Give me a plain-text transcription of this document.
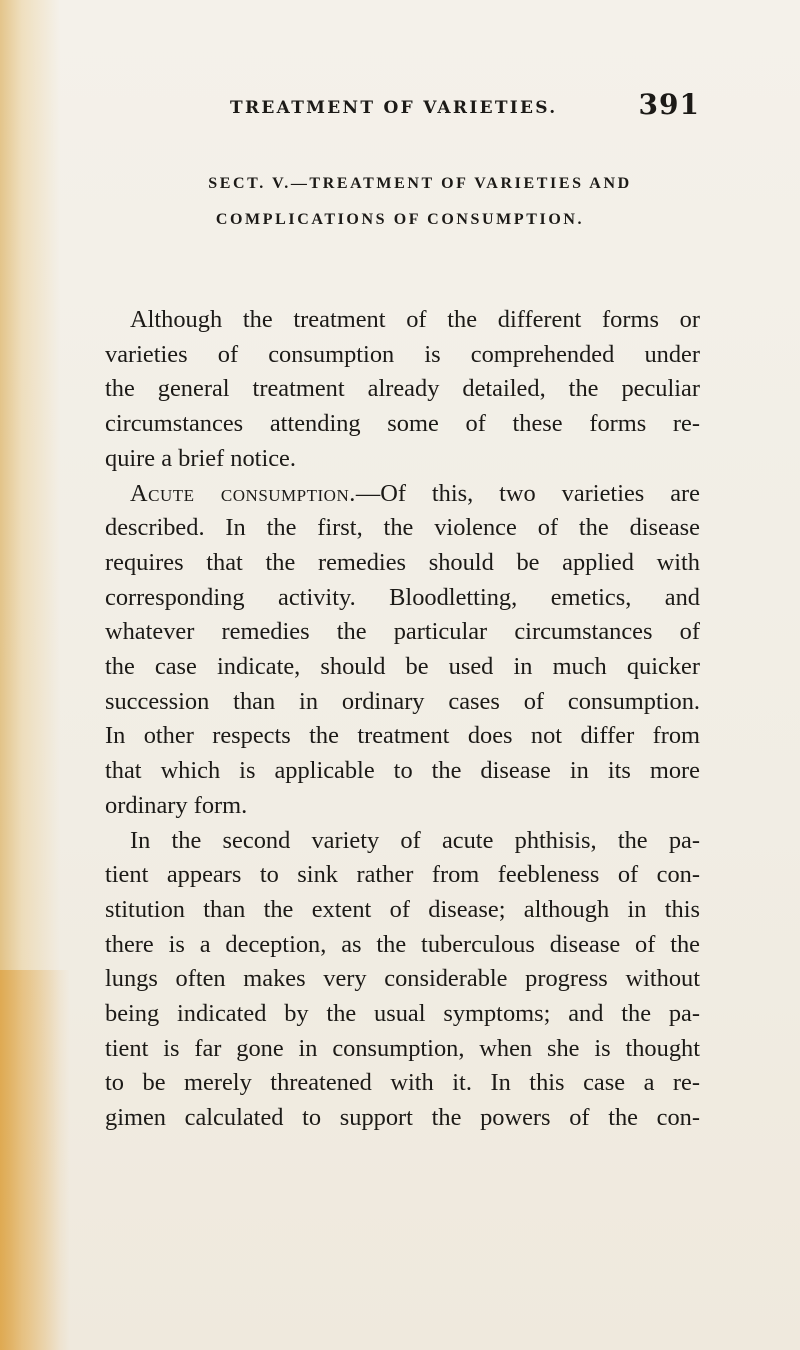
TREATMENT OF VARIETIES.	391
SECT. V.—TREATMENT OF VARIETIES AND
COMPLICATIONS OF CONSUMPTION.
Although the treatment of the different forms or
varieties of consumption is comprehended under
the general treatment already detailed, the peculiar
circumstances attending some of these forms re-
quire a brief notice.
Acute consumption.—Of this, two varieties are
described. In the first, the violence of the disease
requires that the remedies should be applied with
corresponding activity. Bloodletting, emetics, and
whatever remedies the particular circumstances of
the case indicate, should be used in much quicker
succession than in ordinary cases of consumption.
In other respects the treatment does not differ from
that which is applicable to the disease in its more
ordinary form.
In the second variety of acute phthisis, the pa-
tient appears to sink rather from feebleness of con-
stitution than the extent of disease; although in this
there is a deception, as the tuberculous disease of the
lungs often makes very considerable progress without
being indicated by the usual symptoms; and the pa-
tient is far gone in consumption, when she is thought
to be merely threatened with it. In this case a re-
gimen calculated to support the powers of the con-
